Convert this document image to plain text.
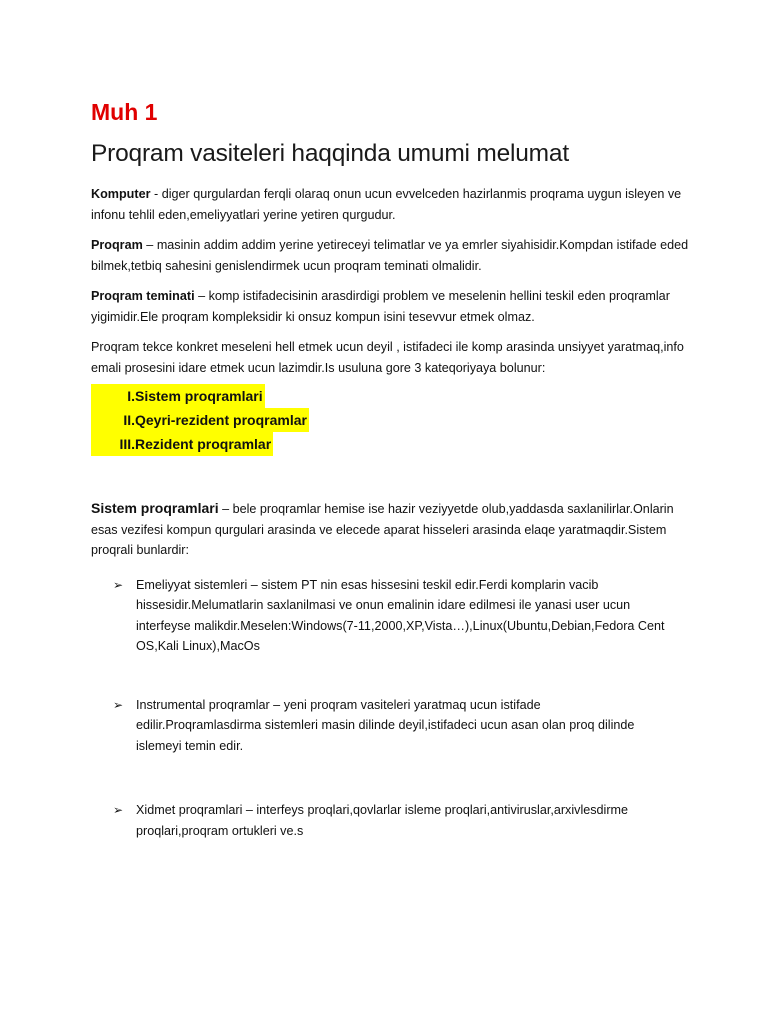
Muh 1
Proqram vasiteleri haqqinda umumi melumat

Komputer - diger qurgulardan ferqli olaraq onun ucun evvelceden hazirlanmis proqrama uygun isleyen ve infonu tehlil eden,emeliyyatlari yerine yetiren qurgudur.

Proqram – masinin addim addim yerine yetireceyi telimatlar ve ya emrler siyahisidir.Kompdan istifade eded bilmek,tetbiq sahesini genislendirmek ucun proqram teminati olmalidir.

Proqram teminati – komp istifadecisinin arasdirdigi problem ve meselenin hellini teskil eden proqramlar yigimidir.Ele proqram kompleksidir ki onsuz kompun isini tesevvur etmek olmaz.

Proqram tekce konkret meseleni hell etmek ucun deyil , istifadeci ile komp arasinda unsiyyet yaratmaq,info emali prosesini idare etmek ucun lazimdir.Is usuluna gore 3 kateqoriyaya bolunur:

I.Sistem proqramlari
II.Qeyri-rezident proqramlar
III.Rezident proqramlar

Sistem proqramlari – bele proqramlar hemise ise hazir veziyyetde olub,yaddasda saxlanilirlar.Onlarin esas vezifesi kompun qurgulari arasinda ve elecede aparat hisseleri arasinda elaqe yaratmaqdir.Sistem proqrali bunlardir:

➢ Emeliyyat sistemleri – sistem PT nin esas hissesini teskil edir.Ferdi komplarin vacib hissesidir.Melumatlarin saxlanilmasi ve onun emalinin idare edilmesi ile yanasi user ucun interfeyse malikdir.Meselen:Windows(7-11,2000,XP,Vista…),Linux(Ubuntu,Debian,Fedora Cent OS,Kali Linux),MacOs
➢ Instrumental proqramlar – yeni proqram vasiteleri yaratmaq ucun istifade edilir.Proqramlasdirma sistemleri masin dilinde deyil,istifadeci ucun asan olan proq dilinde islemeyi temin edir.
➢ Xidmet proqramlari – interfeys proqlari,qovlarlar isleme proqlari,antiviruslar,arxivlesdirme proqlari,proqram ortukleri ve.s
